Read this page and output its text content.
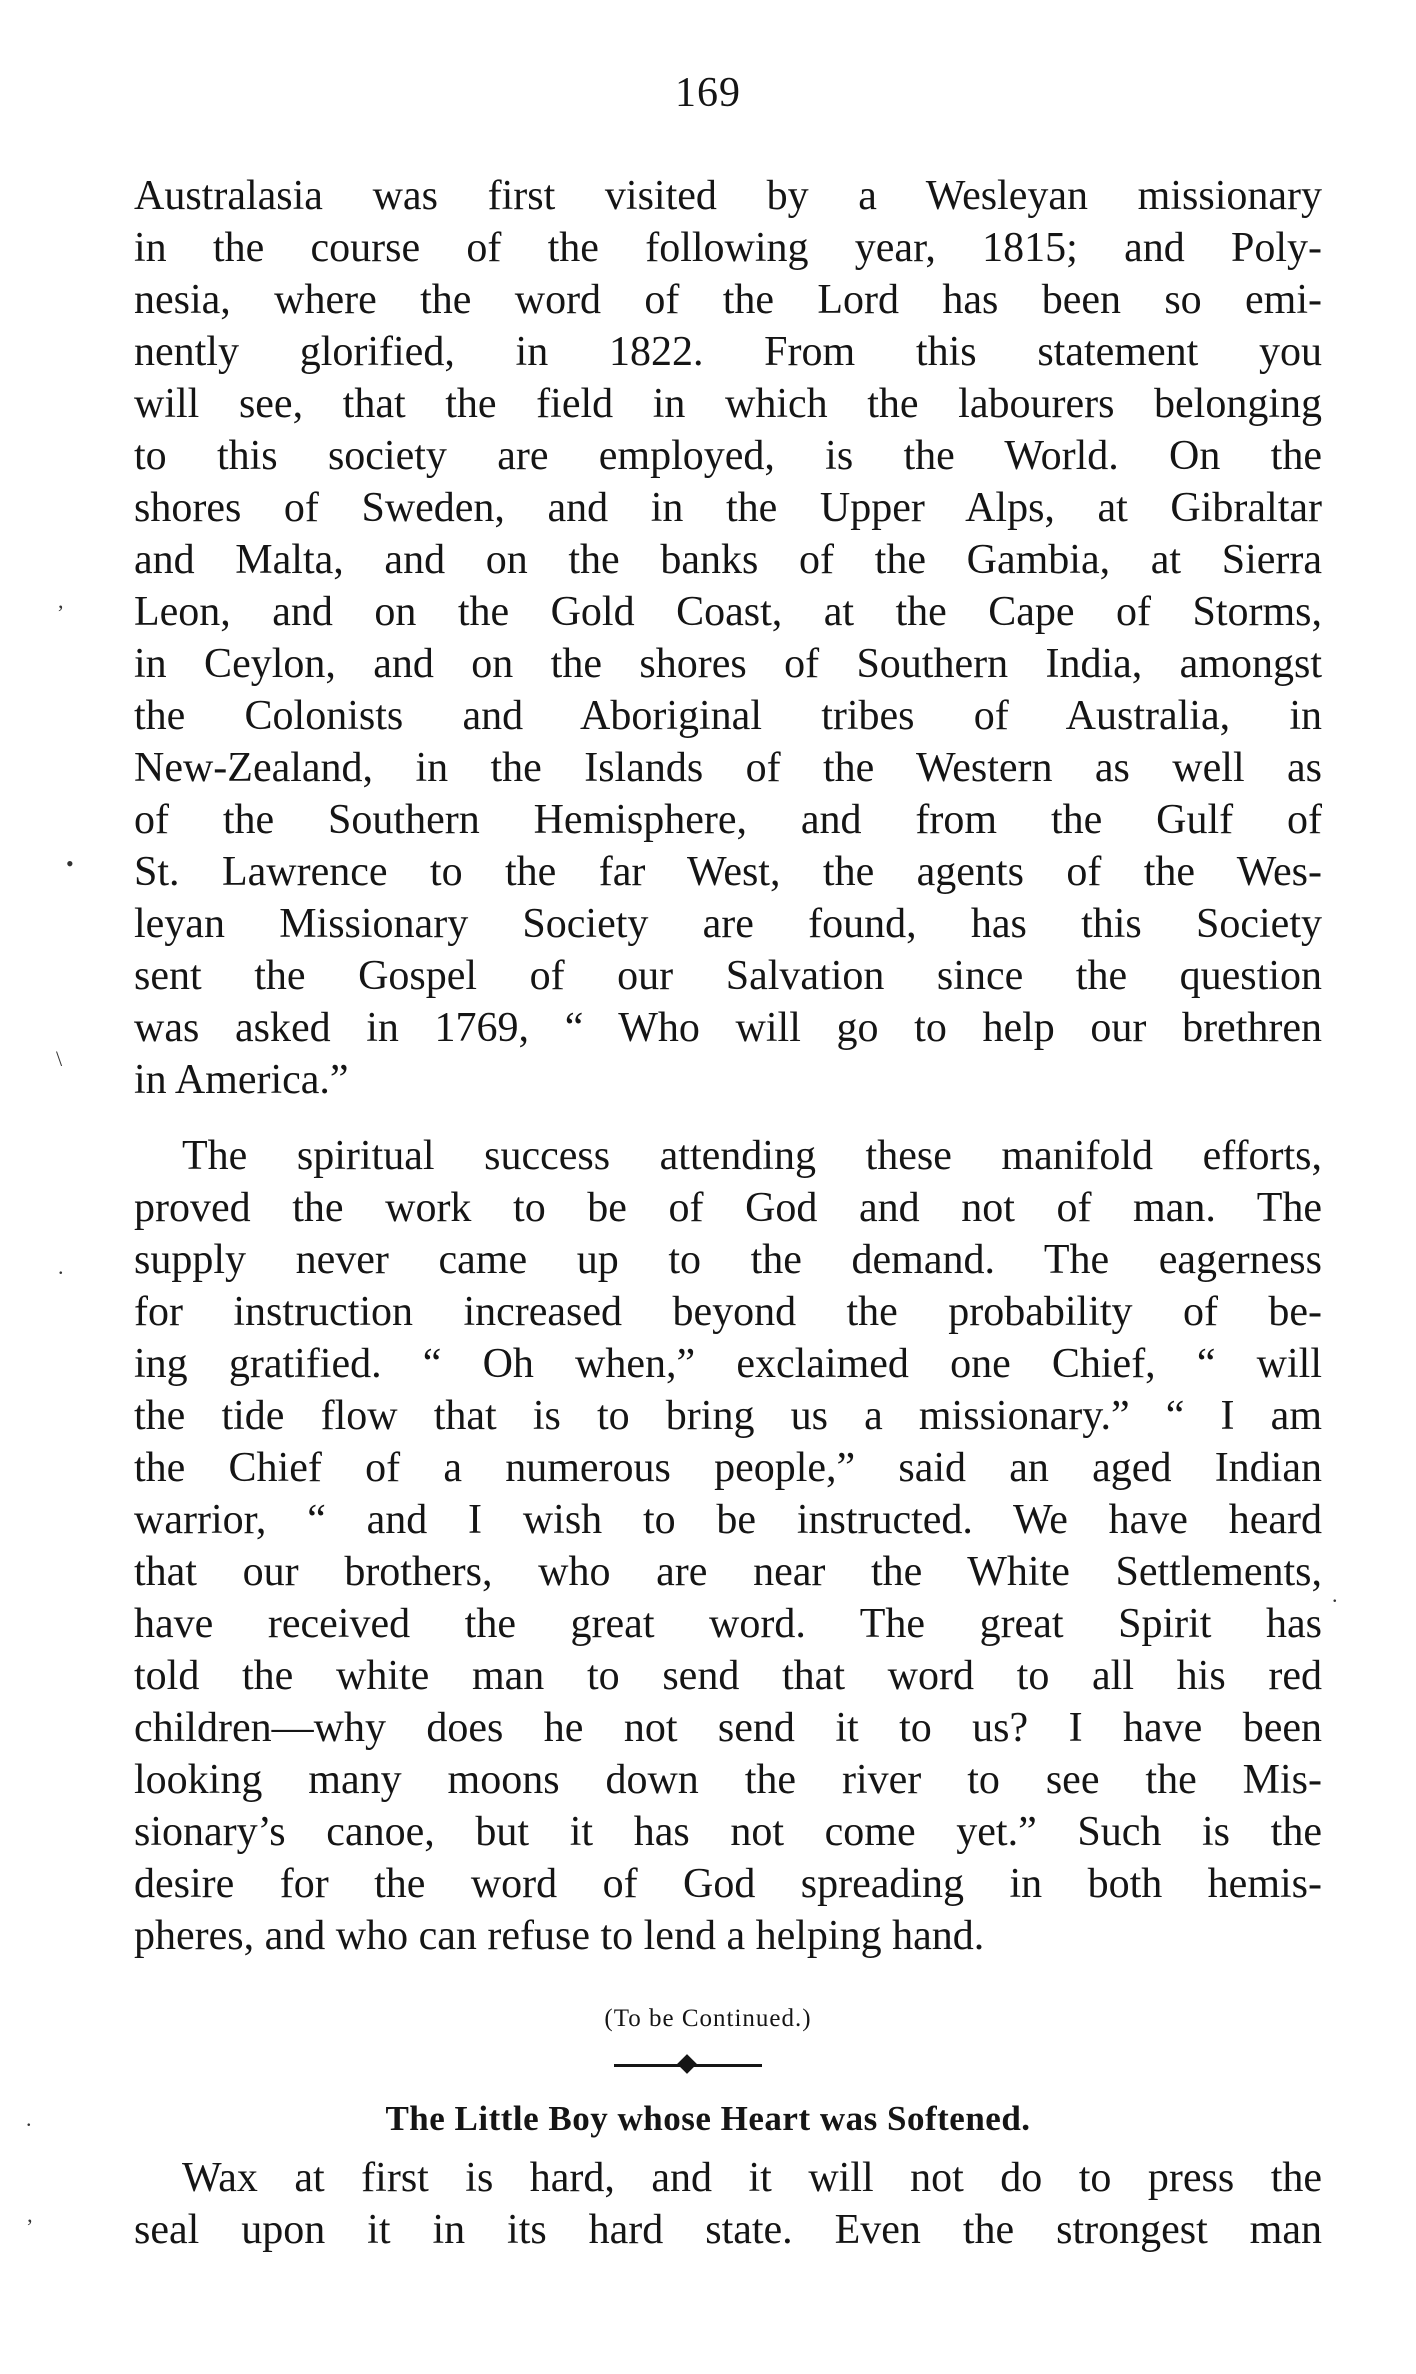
169
Australasia was first visited by a Wesleyan missionary
in the course of the following year, 1815; and Poly-
nesia, where the word of the Lord has been so emi-
nently glorified, in 1822. From this statement you
will see, that the field in which the labourers belonging
to this society are employed, is the World. On the
shores of Sweden, and in the Upper Alps, at Gibraltar
and Malta, and on the banks of the Gambia, at Sierra
Leon, and on the Gold Coast, at the Cape of Storms,
in Ceylon, and on the shores of Southern India, amongst
the Colonists and Aboriginal tribes of Australia, in
New-Zealand, in the Islands of the Western as well as
of the Southern Hemisphere, and from the Gulf of
St. Lawrence to the far West, the agents of the Wes-
leyan Missionary Society are found, has this Society
sent the Gospel of our Salvation since the question
was asked in 1769, “ Who will go to help our brethren
in America.”
The spiritual success attending these manifold efforts,
proved the work to be of God and not of man. The
supply never came up to the demand. The eagerness
for instruction increased beyond the probability of be-
ing gratified. “ Oh when,” exclaimed one Chief, “ will
the tide flow that is to bring us a missionary.” “ I am
the Chief of a numerous people,” said an aged Indian
warrior, “ and I wish to be instructed. We have heard
that our brothers, who are near the White Settlements,
have received the great word. The great Spirit has
told the white man to send that word to all his red
children—why does he not send it to us? I have been
looking many moons down the river to see the Mis-
sionary’s canoe, but it has not come yet.” Such is the
desire for the word of God spreading in both hemis-
pheres, and who can refuse to lend a helping hand.
(To be Continued.)
The Little Boy whose Heart was Softened.
Wax at first is hard, and it will not do to press the
seal upon it in its hard state. Even the strongest man
,
•
\
.
.
.
’
